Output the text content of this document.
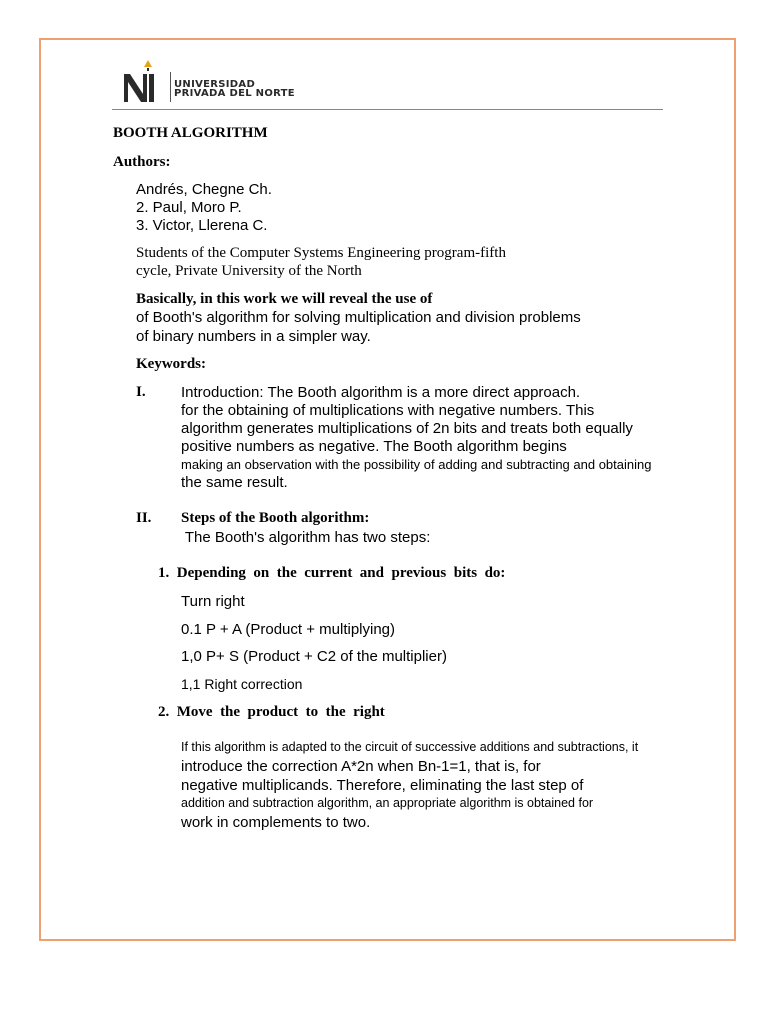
UNIVERSIDAD
PRIVADA DEL NORTE
BOOTH ALGORITHM
Authors:
Andrés, Chegne Ch.
2. Paul, Moro P.
3. Victor, Llerena C.
Students of the Computer Systems Engineering program-fifth
cycle, Private University of the North
Basically, in this work we will reveal the use of
of Booth's algorithm for solving multiplication and division problems
of binary numbers in a simpler way.
Keywords:
I. Introduction: The Booth algorithm is a more direct approach.
for the obtaining of multiplications with negative numbers. This
algorithm generates multiplications of 2n bits and treats both equally
positive numbers as negative. The Booth algorithm begins
making an observation with the possibility of adding and subtracting and obtaining
the same result.
II. Steps of the Booth algorithm:
The Booth's algorithm has two steps:
1.  Depending  on  the  current  and  previous  bits  do:
Turn right
0.1 P + A (Product + multiplying)
1,0 P+ S (Product + C2 of the multiplier)
1,1 Right correction
2.  Move  the  product  to  the  right
If this algorithm is adapted to the circuit of successive additions and subtractions, it
introduce the correction A*2n when Bn-1=1, that is, for
negative multiplicands. Therefore, eliminating the last step of
addition and subtraction algorithm, an appropriate algorithm is obtained for
work in complements to two.
